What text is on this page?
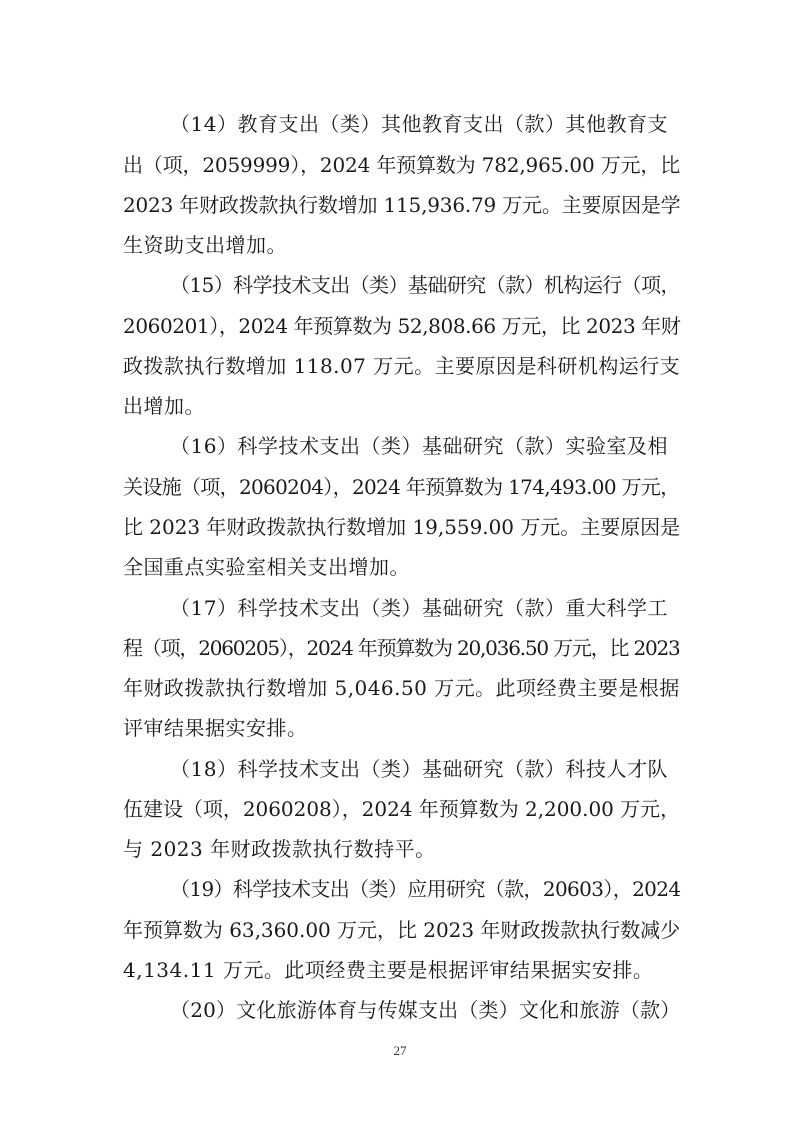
（14）教育支出（类）其他教育支出（款）其他教育支
出（项，2059999），2024 年预算数为 782,965.00 万元，比
2023 年财政拨款执行数增加 115,936.79 万元。主要原因是学
生资助支出增加。
（15）科学技术支出（类）基础研究（款）机构运行（项，
2060201），2024 年预算数为 52,808.66 万元，比 2023 年财
政拨款执行数增加 118.07 万元。主要原因是科研机构运行支
出增加。
（16）科学技术支出（类）基础研究（款）实验室及相
关设施（项，2060204），2024 年预算数为 174,493.00 万元，
比 2023 年财政拨款执行数增加 19,559.00 万元。主要原因是
全国重点实验室相关支出增加。
（17）科学技术支出（类）基础研究（款）重大科学工
程（项，2060205），2024 年预算数为 20,036.50 万元，比 2023
年财政拨款执行数增加 5,046.50 万元。此项经费主要是根据
评审结果据实安排。
（18）科学技术支出（类）基础研究（款）科技人才队
伍建设（项，2060208），2024 年预算数为 2,200.00 万元，
与 2023 年财政拨款执行数持平。
（19）科学技术支出（类）应用研究（款，20603），2024
年预算数为 63,360.00 万元，比 2023 年财政拨款执行数减少
4,134.11 万元。此项经费主要是根据评审结果据实安排。
（20）文化旅游体育与传媒支出（类）文化和旅游（款）
27
